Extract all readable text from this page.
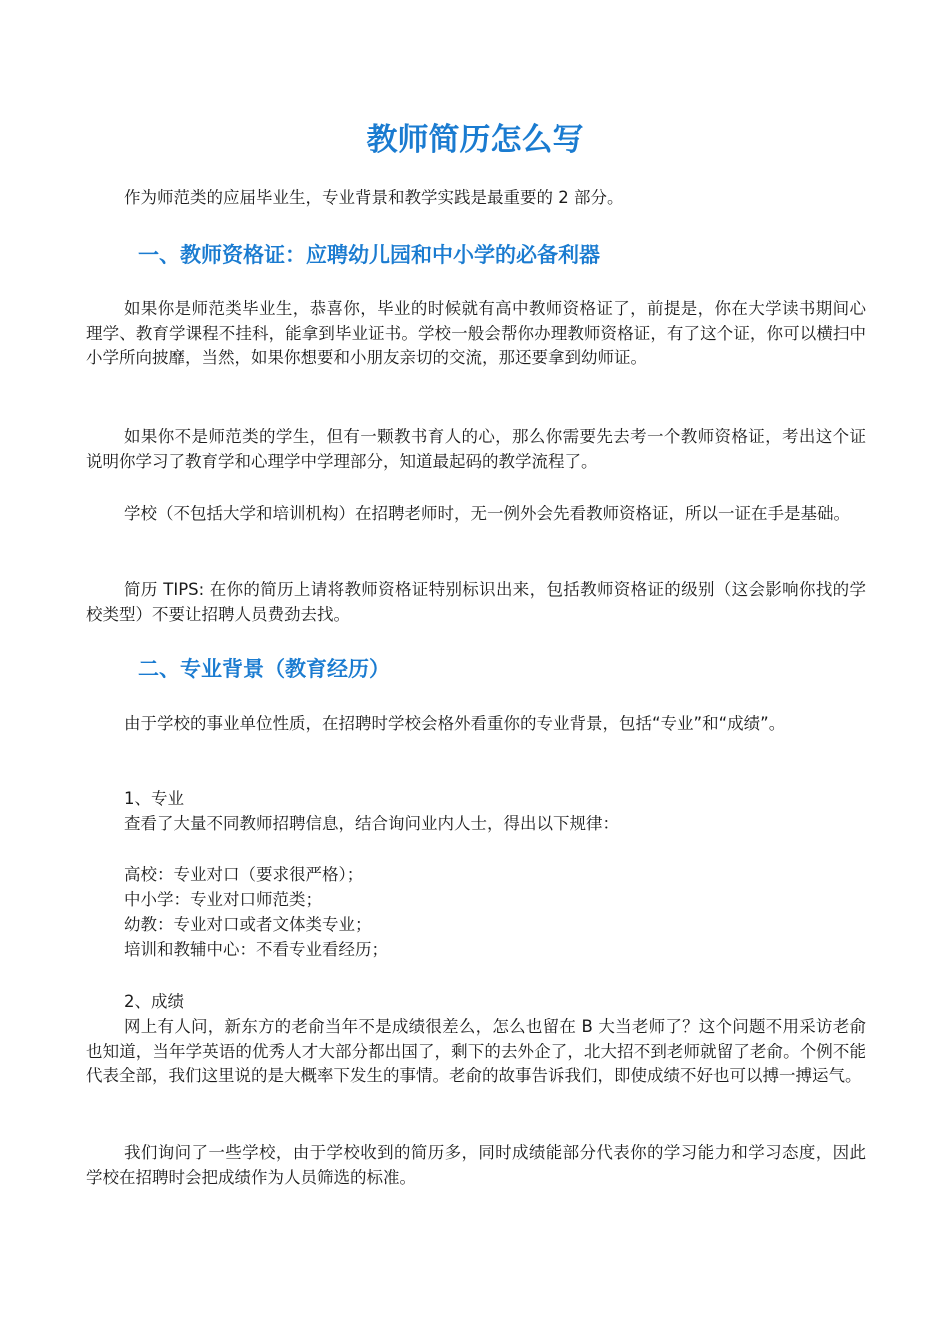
教师简历怎么写

作为师范类的应届毕业生，专业背景和教学实践是最重要的 2 部分。

一、教师资格证：应聘幼儿园和中小学的必备利器

如果你是师范类毕业生，恭喜你，毕业的时候就有高中教师资格证了，前提是，你在大学读书期间心理学、教育学课程不挂科，能拿到毕业证书。学校一般会帮你办理教师资格证，有了这个证，你可以横扫中小学所向披靡，当然，如果你想要和小朋友亲切的交流，那还要拿到幼师证。

如果你不是师范类的学生，但有一颗教书育人的心，那么你需要先去考一个教师资格证，考出这个证说明你学习了教育学和心理学中学理部分，知道最起码的教学流程了。

学校（不包括大学和培训机构）在招聘老师时，无一例外会先看教师资格证，所以一证在手是基础。

简历 TIPS: 在你的简历上请将教师资格证特别标识出来，包括教师资格证的级别（这会影响你找的学校类型）不要让招聘人员费劲去找。

二、专业背景（教育经历）

由于学校的事业单位性质，在招聘时学校会格外看重你的专业背景，包括“专业”和“成绩”。

1、专业

查看了大量不同教师招聘信息，结合询问业内人士，得出以下规律：

高校：专业对口（要求很严格）；

中小学：专业对口师范类；

幼教：专业对口或者文体类专业；

培训和教辅中心：不看专业看经历；

2、成绩

网上有人问，新东方的老俞当年不是成绩很差么，怎么也留在 B 大当老师了？这个问题不用采访老俞也知道，当年学英语的优秀人才大部分都出国了，剩下的去外企了，北大招不到老师就留了老俞。个例不能代表全部，我们这里说的是大概率下发生的事情。老俞的故事告诉我们，即使成绩不好也可以搏一搏运气。

我们询问了一些学校，由于学校收到的简历多，同时成绩能部分代表你的学习能力和学习态度，因此学校在招聘时会把成绩作为人员筛选的标准。
